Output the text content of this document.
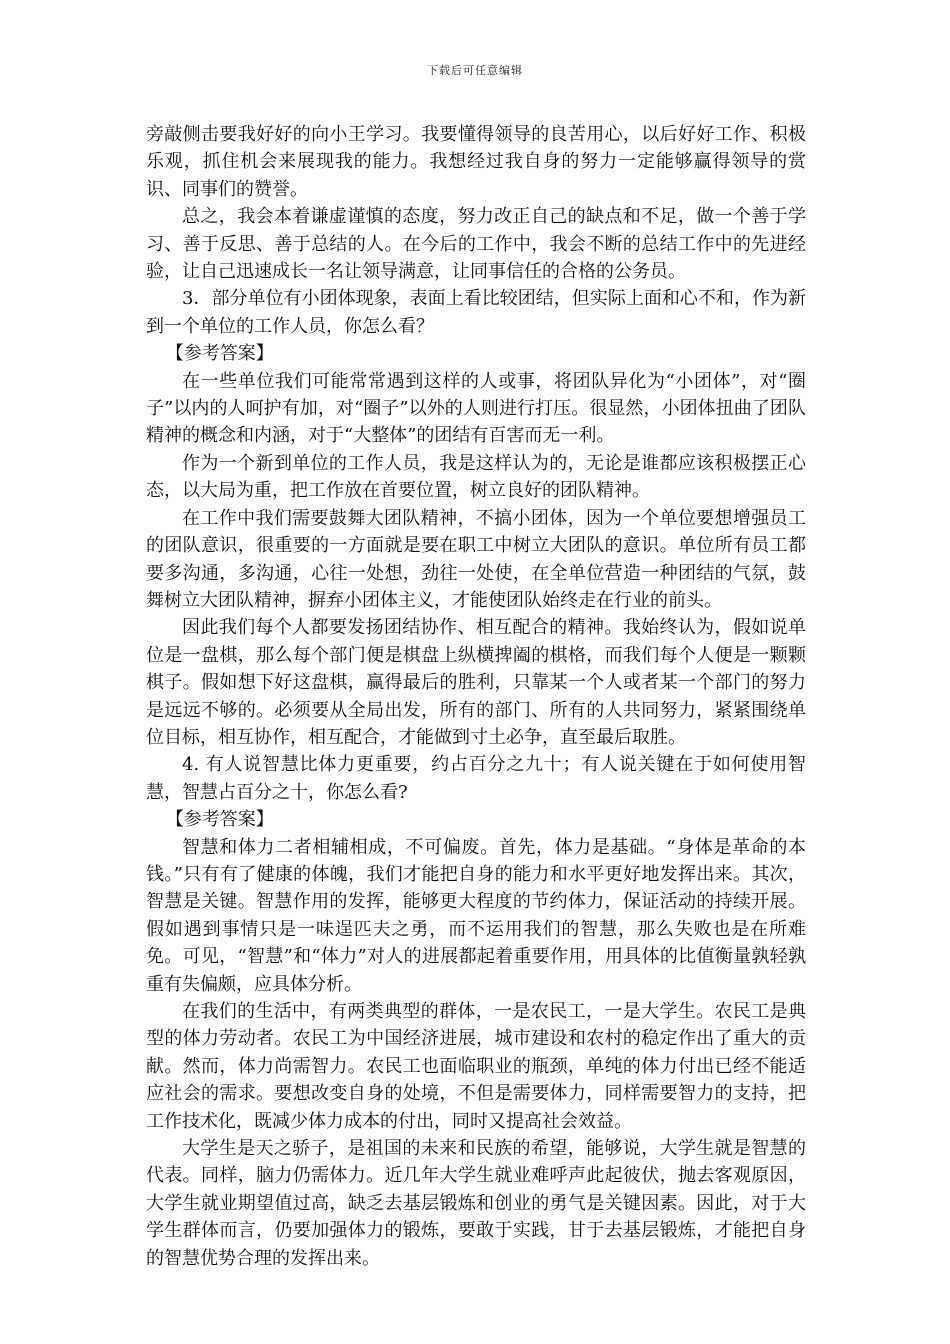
下载后可任意编辑

旁敲侧击要我好好的向小王学习。我要懂得领导的良苦用心，以后好好工作、积极乐观，抓住机会来展现我的能力。我想经过我自身的努力一定能够赢得领导的赏识、同事们的赞誉。

总之，我会本着谦虚谨慎的态度，努力改正自己的缺点和不足，做一个善于学习、善于反思、善于总结的人。在今后的工作中，我会不断的总结工作中的先进经验，让自己迅速成长一名让领导满意，让同事信任的合格的公务员。

3．部分单位有小团体现象，表面上看比较团结，但实际上面和心不和，作为新到一个单位的工作人员，你怎么看？

【参考答案】

在一些单位我们可能常常遇到这样的人或事，将团队异化为“小团体”，对“圈子”以内的人呵护有加，对“圈子”以外的人则进行打压。很显然，小团体扭曲了团队精神的概念和内涵，对于“大整体”的团结有百害而无一利。

作为一个新到单位的工作人员，我是这样认为的，无论是谁都应该积极摆正心态，以大局为重，把工作放在首要位置，树立良好的团队精神。

在工作中我们需要鼓舞大团队精神，不搞小团体，因为一个单位要想增强员工的团队意识，很重要的一方面就是要在职工中树立大团队的意识。单位所有员工都要多沟通，多沟通，心往一处想，劲往一处使，在全单位营造一种团结的气氛，鼓舞树立大团队精神，摒弃小团体主义，才能使团队始终走在行业的前头。

因此我们每个人都要发扬团结协作、相互配合的精神。我始终认为，假如说单位是一盘棋，那么每个部门便是棋盘上纵横捭阖的棋格，而我们每个人便是一颗颗棋子。假如想下好这盘棋，赢得最后的胜利，只靠某一个人或者某一个部门的努力是远远不够的。必须要从全局出发，所有的部门、所有的人共同努力，紧紧围绕单位目标，相互协作，相互配合，才能做到寸土必争，直至最后取胜。

4. 有人说智慧比体力更重要，约占百分之九十；有人说关键在于如何使用智慧，智慧占百分之十，你怎么看?

【参考答案】

智慧和体力二者相辅相成，不可偏废。首先，体力是基础。“身体是革命的本钱。”只有有了健康的体魄，我们才能把自身的能力和水平更好地发挥出来。其次，智慧是关键。智慧作用的发挥，能够更大程度的节约体力，保证活动的持续开展。假如遇到事情只是一味逞匹夫之勇，而不运用我们的智慧，那么失败也是在所难免。可见，“智慧”和“体力”对人的进展都起着重要作用，用具体的比值衡量孰轻孰重有失偏颇，应具体分析。

在我们的生活中，有两类典型的群体，一是农民工，一是大学生。农民工是典型的体力劳动者。农民工为中国经济进展，城市建设和农村的稳定作出了重大的贡献。然而，体力尚需智力。农民工也面临职业的瓶颈，单纯的体力付出已经不能适应社会的需求。要想改变自身的处境，不但是需要体力，同样需要智力的支持，把工作技术化，既减少体力成本的付出，同时又提高社会效益。

大学生是天之骄子，是祖国的未来和民族的希望，能够说，大学生就是智慧的代表。同样，脑力仍需体力。近几年大学生就业难呼声此起彼伏，抛去客观原因，大学生就业期望值过高，缺乏去基层锻炼和创业的勇气是关键因素。因此，对于大学生群体而言，仍要加强体力的锻炼，要敢于实践，甘于去基层锻炼，才能把自身的智慧优势合理的发挥出来。
